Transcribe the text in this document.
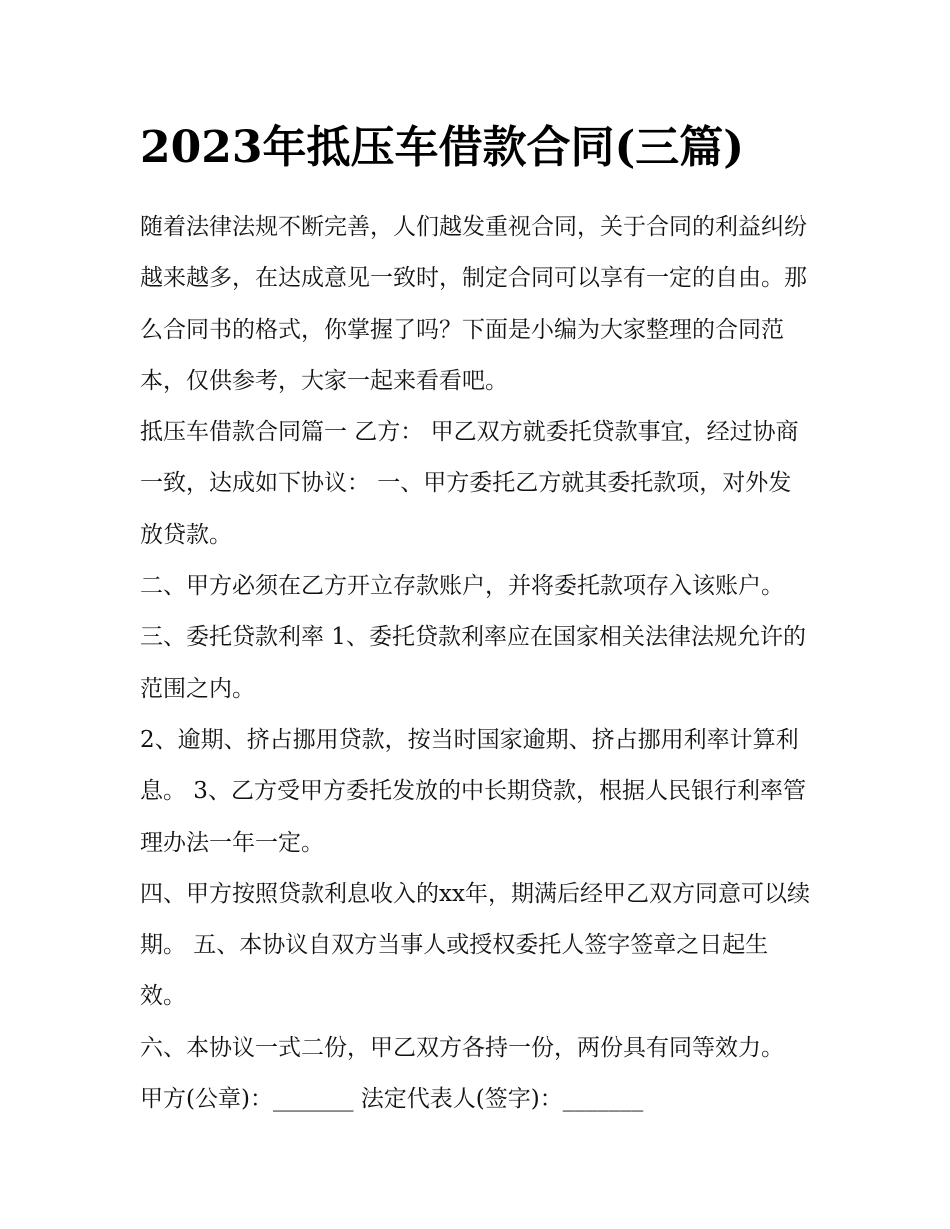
2023年抵压车借款合同(三篇)

随着法律法规不断完善，人们越发重视合同，关于合同的利益纠纷越来越多，在达成意见一致时，制定合同可以享有一定的自由。那么合同书的格式，你掌握了吗？下面是小编为大家整理的合同范本，仅供参考，大家一起来看看吧。

抵压车借款合同篇一 乙方： 甲乙双方就委托贷款事宜，经过协商一致，达成如下协议： 一、甲方委托乙方就其委托款项，对外发放贷款。

二、甲方必须在乙方开立存款账户，并将委托款项存入该账户。 三、委托贷款利率 1、委托贷款利率应在国家相关法律法规允许的范围之内。

2、逾期、挤占挪用贷款，按当时国家逾期、挤占挪用利率计算利息。 3、乙方受甲方委托发放的中长期贷款，根据人民银行利率管理办法一年一定。

四、甲方按照贷款利息收入的xx年，期满后经甲乙双方同意可以续期。 五、本协议自双方当事人或授权委托人签字签章之日起生效。

六、本协议一式二份，甲乙双方各持一份，两份具有同等效力。 甲方(公章)：_______ 法定代表人(签字)：_______
